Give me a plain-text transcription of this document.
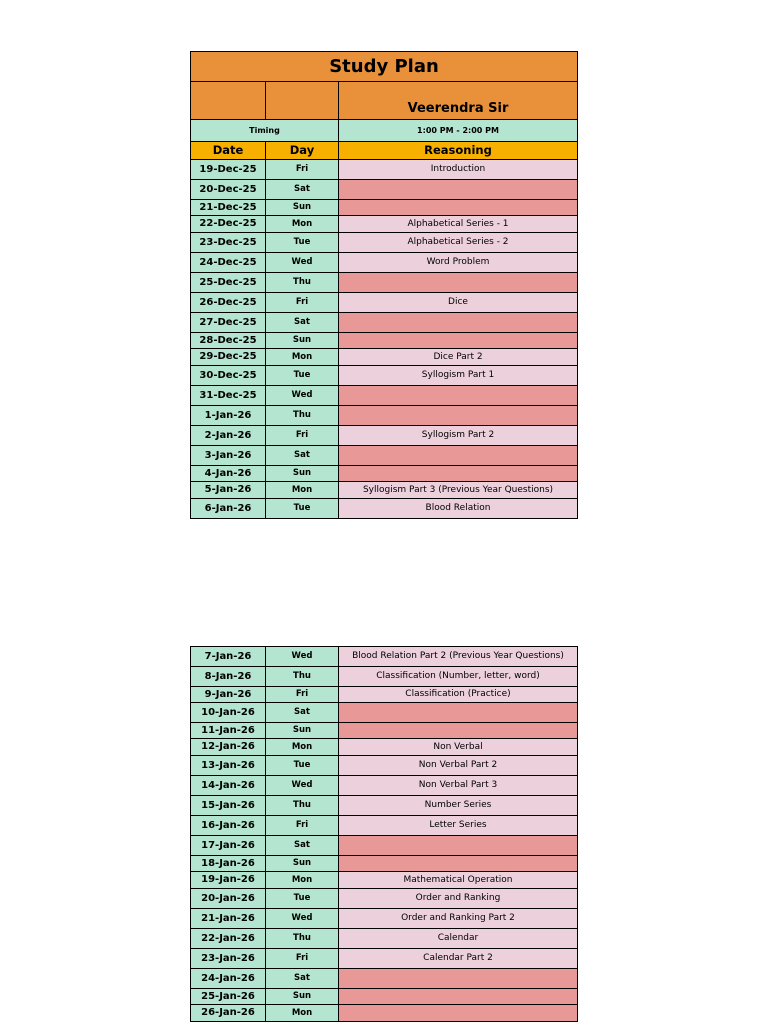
Study Plan		
		Veerendra Sir
Timing		1:00 PM - 2:00 PM
Date	Day	Reasoning
19-Dec-25	Fri	Introduction
20-Dec-25	Sat	
21-Dec-25	Sun	
22-Dec-25	Mon	Alphabetical Series - 1
23-Dec-25	Tue	Alphabetical Series - 2
24-Dec-25	Wed	Word Problem
25-Dec-25	Thu	
26-Dec-25	Fri	Dice
27-Dec-25	Sat	
28-Dec-25	Sun	
29-Dec-25	Mon	Dice Part 2
30-Dec-25	Tue	Syllogism Part 1
31-Dec-25	Wed	
1-Jan-26	Thu	
2-Jan-26	Fri	Syllogism Part 2
3-Jan-26	Sat	
4-Jan-26	Sun	
5-Jan-26	Mon	Syllogism Part 3 (Previous Year Questions)
6-Jan-26	Tue	Blood Relation
7-Jan-26	Wed	Blood Relation Part 2 (Previous Year Questions)
8-Jan-26	Thu	Classification (Number, letter, word)
9-Jan-26	Fri	Classification (Practice)
10-Jan-26	Sat	
11-Jan-26	Sun	
12-Jan-26	Mon	Non Verbal
13-Jan-26	Tue	Non Verbal Part 2
14-Jan-26	Wed	Non Verbal Part 3
15-Jan-26	Thu	Number Series
16-Jan-26	Fri	Letter Series
17-Jan-26	Sat	
18-Jan-26	Sun	
19-Jan-26	Mon	Mathematical Operation
20-Jan-26	Tue	Order and Ranking
21-Jan-26	Wed	Order and Ranking Part 2
22-Jan-26	Thu	Calendar
23-Jan-26	Fri	Calendar Part 2
24-Jan-26	Sat	
25-Jan-26	Sun	
26-Jan-26	Mon	
